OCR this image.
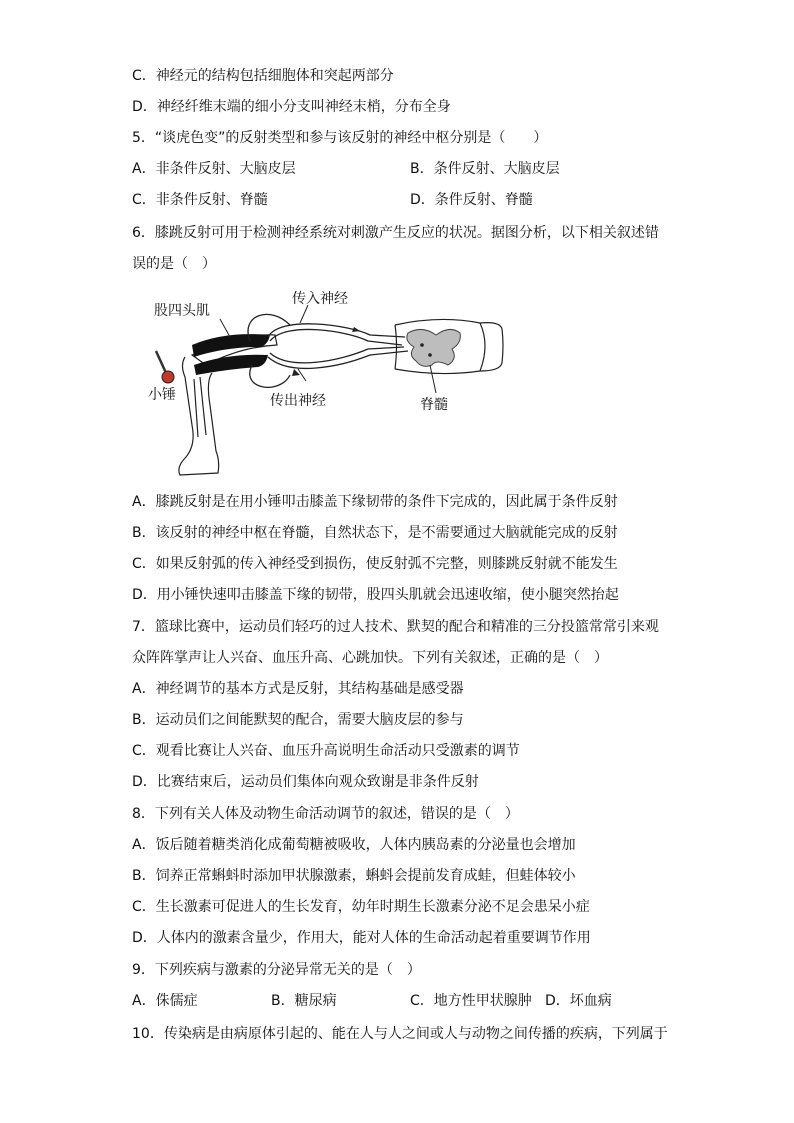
C．神经元的结构包括细胞体和突起两部分
D．神经纤维末端的细小分支叫神经末梢，分布全身
5．“谈虎色变”的反射类型和参与该反射的神经中枢分别是（　　）
A．非条件反射、大脑皮层	B．条件反射、大脑皮层
C．非条件反射、脊髓	D．条件反射、脊髓
6．膝跳反射可用于检测神经系统对刺激产生反应的状况。据图分析，以下相关叙述错
误的是（　）
股四头肌
传入神经
小锤	传出神经	脊髓
A．膝跳反射是在用小锤叩击膝盖下缘韧带的条件下完成的，因此属于条件反射
B．该反射的神经中枢在脊髓，自然状态下，是不需要通过大脑就能完成的反射
C．如果反射弧的传入神经受到损伤，使反射弧不完整，则膝跳反射就不能发生
D．用小锤快速叩击膝盖下缘的韧带，股四头肌就会迅速收缩，使小腿突然抬起
7．篮球比赛中，运动员们轻巧的过人技术、默契的配合和精准的三分投篮常常引来观
众阵阵掌声让人兴奋、血压升高、心跳加快。下列有关叙述，正确的是（　）
A．神经调节的基本方式是反射，其结构基础是感受器
B．运动员们之间能默契的配合，需要大脑皮层的参与
C．观看比赛让人兴奋、血压升高说明生命活动只受激素的调节
D．比赛结束后，运动员们集体向观众致谢是非条件反射
8．下列有关人体及动物生命活动调节的叙述，错误的是（　）
A．饭后随着糖类消化成葡萄糖被吸收，人体内胰岛素的分泌量也会增加
B．饲养正常蝌蚪时添加甲状腺激素，蝌蚪会提前发育成蛙，但蛙体较小
C．生长激素可促进人的生长发育，幼年时期生长激素分泌不足会患呆小症
D．人体内的激素含量少，作用大，能对人体的生命活动起着重要调节作用
9．下列疾病与激素的分泌异常无关的是（　）
A．侏儒症	B．糖尿病	C．地方性甲状腺肿 D．坏血病
10．传染病是由病原体引起的、能在人与人之间或人与动物之间传播的疾病，下列属于
